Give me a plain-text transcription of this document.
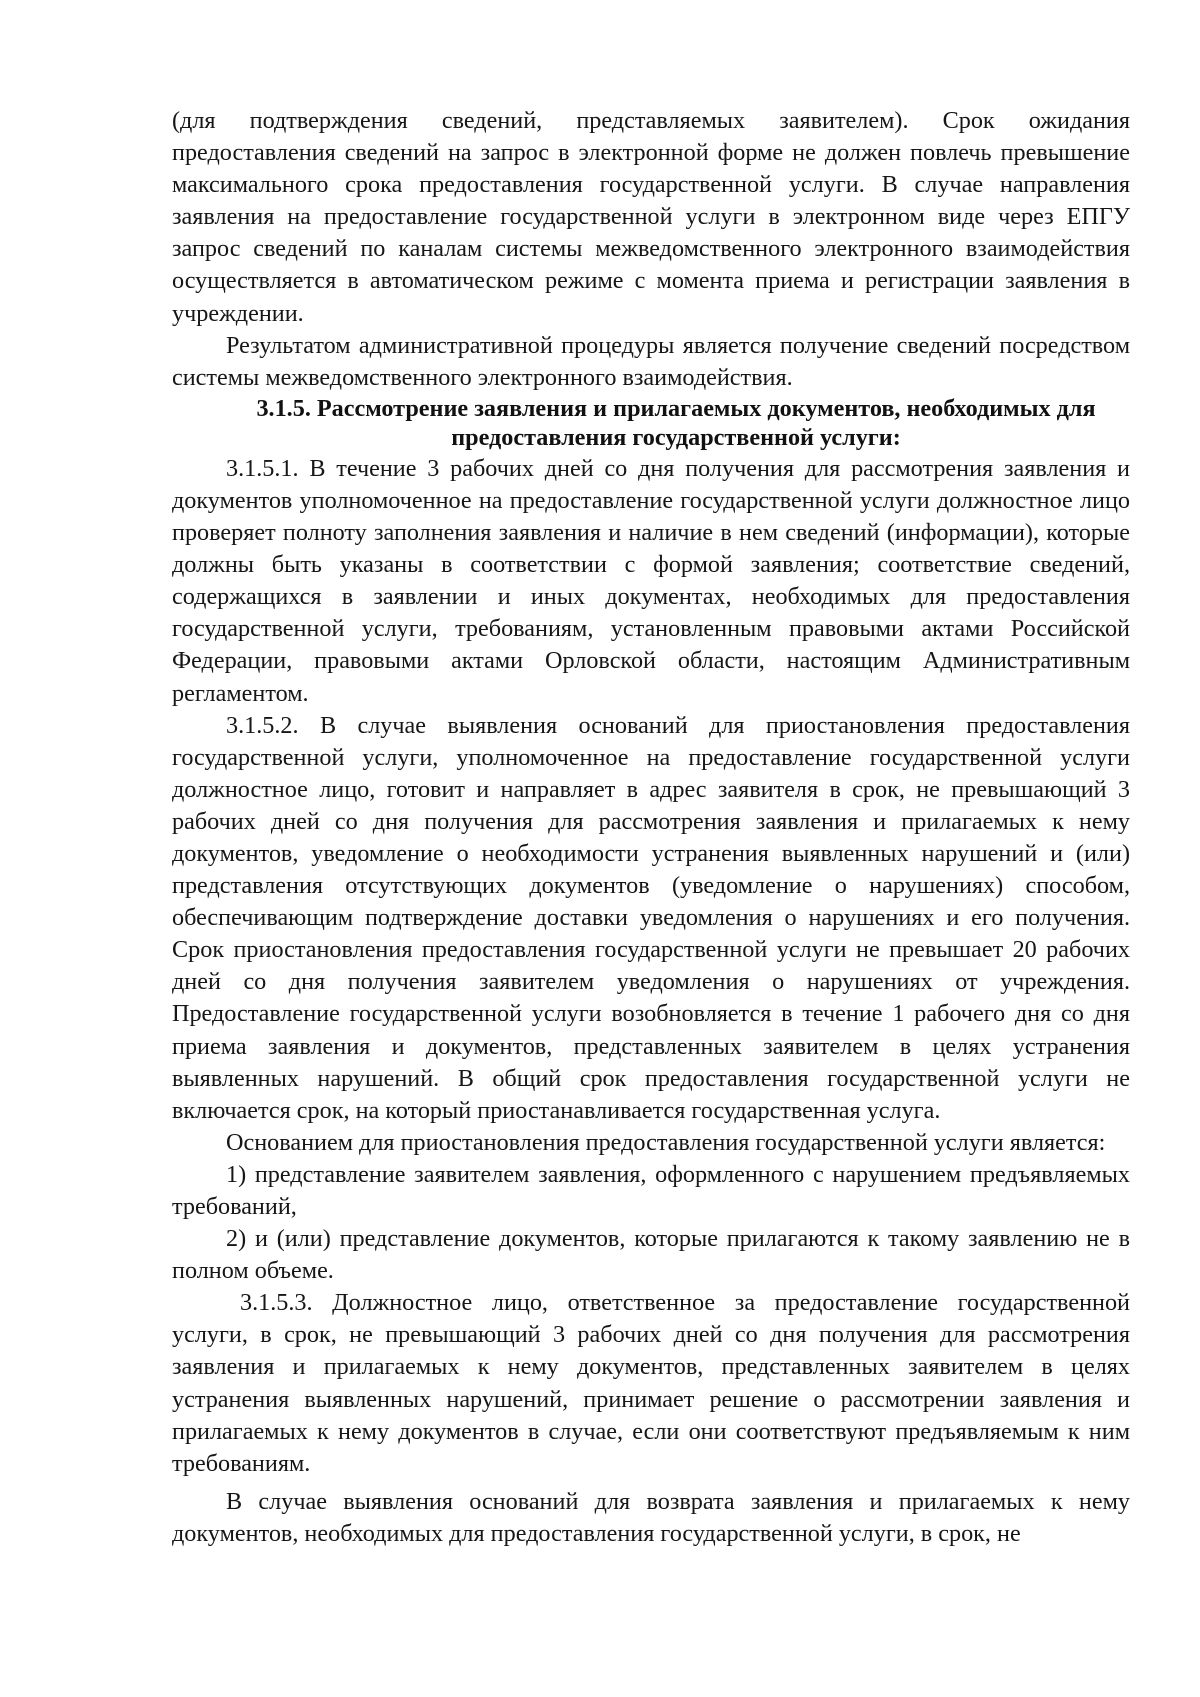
(для подтверждения сведений, представляемых заявителем). Срок ожидания предоставления сведений на запрос в электронной форме не должен повлечь превышение максимального срока предоставления государственной услуги. В случае направления заявления на предоставление государственной услуги в электронном виде через ЕПГУ запрос сведений по каналам системы межведомственного электронного взаимодействия осуществляется в автоматическом режиме с момента приема и регистрации заявления в учреждении.

Результатом административной процедуры является получение сведений посредством системы межведомственного электронного взаимодействия.

3.1.5. Рассмотрение заявления и прилагаемых документов, необходимых для предоставления государственной услуги:

3.1.5.1. В течение 3 рабочих дней со дня получения для рассмотрения заявления и документов уполномоченное на предоставление государственной услуги должностное лицо проверяет полноту заполнения заявления и наличие в нем сведений (информации), которые должны быть указаны в соответствии с формой заявления; соответствие сведений, содержащихся в заявлении и иных документах, необходимых для предоставления государственной услуги, требованиям, установленным правовыми актами Российской Федерации, правовыми актами Орловской области, настоящим Административным регламентом.

3.1.5.2. В случае выявления оснований для приостановления предоставления государственной услуги, уполномоченное на предоставление государственной услуги должностное лицо, готовит и направляет в адрес заявителя в срок, не превышающий 3 рабочих дней со дня получения для рассмотрения заявления и прилагаемых к нему документов, уведомление о необходимости устранения выявленных нарушений и (или) представления отсутствующих документов (уведомление о нарушениях) способом, обеспечивающим подтверждение доставки уведомления о нарушениях и его получения. Срок приостановления предоставления государственной услуги не превышает 20 рабочих дней со дня получения заявителем уведомления о нарушениях от учреждения. Предоставление государственной услуги возобновляется в течение 1 рабочего дня со дня приема заявления и документов, представленных заявителем в целях устранения выявленных нарушений. В общий срок предоставления государственной услуги не включается срок, на который приостанавливается государственная услуга.

Основанием для приостановления предоставления государственной услуги является:

1) представление заявителем заявления, оформленного с нарушением предъявляемых требований,

2) и (или) представление документов, которые прилагаются к такому заявлению не в полном объеме.

3.1.5.3. Должностное лицо, ответственное за предоставление государственной услуги, в срок, не превышающий 3 рабочих дней со дня получения для рассмотрения заявления и прилагаемых к нему документов, представленных заявителем в целях устранения выявленных нарушений, принимает решение о рассмотрении заявления и прилагаемых к нему документов в случае, если они соответствуют предъявляемым к ним требованиям.

В случае выявления оснований для возврата заявления и прилагаемых к нему документов, необходимых для предоставления государственной услуги, в срок, не
